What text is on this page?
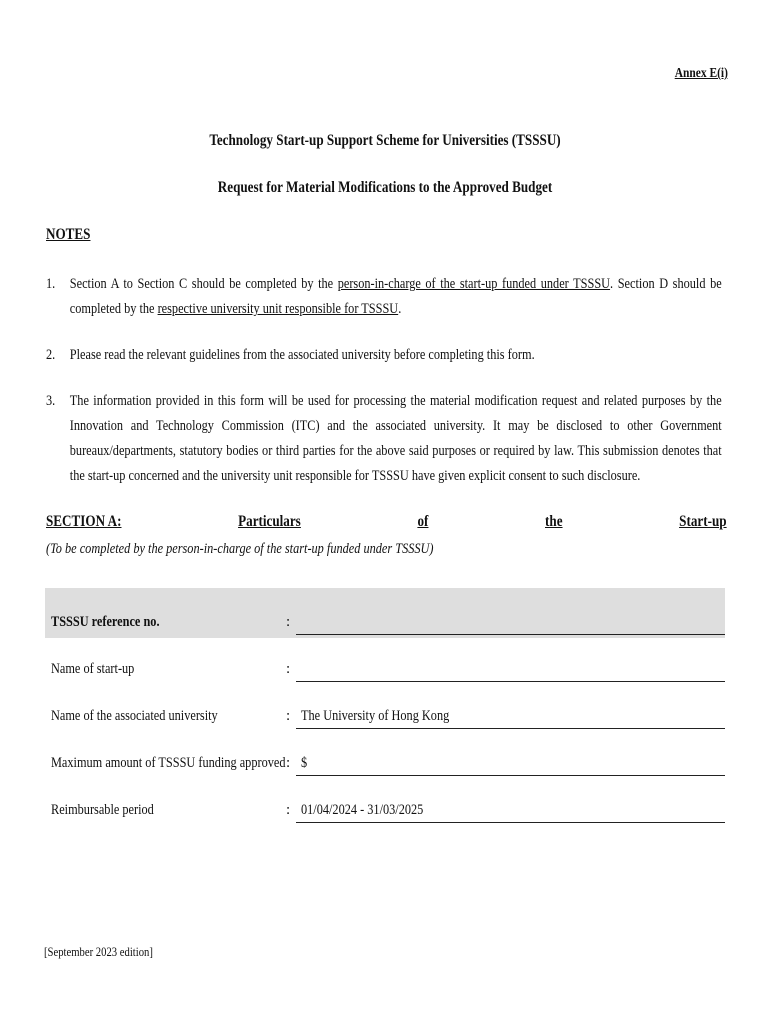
Annex E(i)
Technology Start-up Support Scheme for Universities (TSSSU)
Request for Material Modifications to the Approved Budget
NOTES
1. Section A to Section C should be completed by the person-in-charge of the start-up funded under TSSSU. Section D should be completed by the respective university unit responsible for TSSSU.
2. Please read the relevant guidelines from the associated university before completing this form.
3. The information provided in this form will be used for processing the material modification request and related purposes by the Innovation and Technology Commission (ITC) and the associated university. It may be disclosed to other Government bureaux/departments, statutory bodies or third parties for the above said purposes or required by law. This submission denotes that the start-up concerned and the university unit responsible for TSSSU have given explicit consent to such disclosure.
SECTION A:	Particulars	of	the	Start-up
(To be completed by the person-in-charge of the start-up funded under TSSSU)
TSSSU reference no.	:
Name of start-up	:
Name of the associated university	: The University of Hong Kong
Maximum amount of TSSSU funding approved : $
Reimbursable period	: 01/04/2024 - 31/03/2025
[September 2023 edition]
